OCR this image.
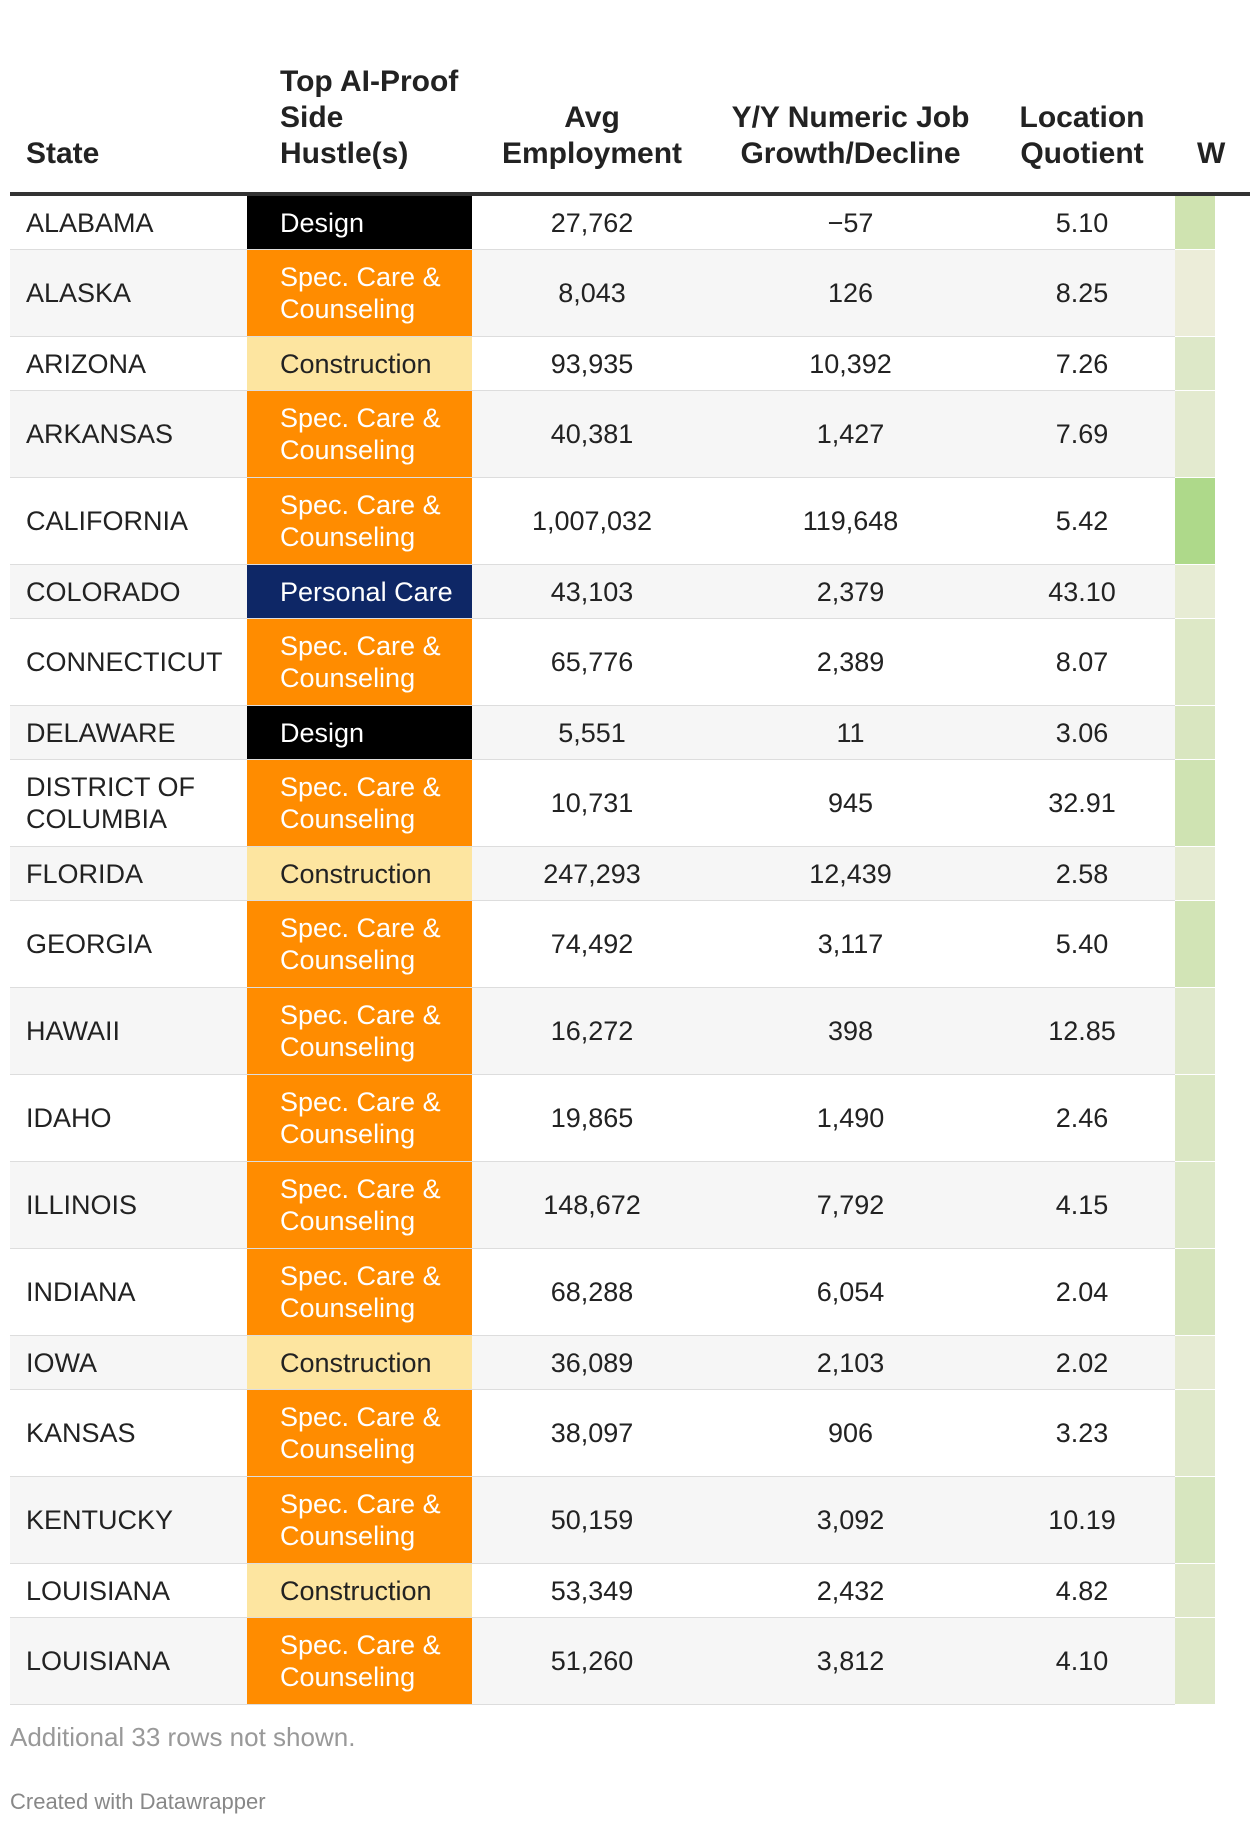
State	Top AI-Proof Side Hustle(s)	Avg Employment	Y/Y Numeric Job Growth/Decline	Location Quotient	W
ALABAMA	Design	27,762	−57	5.10	

ALASKA	Spec. Care & Counseling	8,043	126	8.25	

ARIZONA	Construction	93,935	10,392	7.26	

ARKANSAS	Spec. Care & Counseling	40,381	1,427	7.69	

CALIFORNIA	Spec. Care & Counseling	1,007,032	119,648	5.42	

COLORADO	Personal Care	43,103	2,379	43.10	

CONNECTICUT	Spec. Care & Counseling	65,776	2,389	8.07	

DELAWARE	Design	5,551	11	3.06	

DISTRICT OF COLUMBIA	Spec. Care & Counseling	10,731	945	32.91	

FLORIDA	Construction	247,293	12,439	2.58	

GEORGIA	Spec. Care & Counseling	74,492	3,117	5.40	

HAWAII	Spec. Care & Counseling	16,272	398	12.85	

IDAHO	Spec. Care & Counseling	19,865	1,490	2.46	

ILLINOIS	Spec. Care & Counseling	148,672	7,792	4.15	

INDIANA	Spec. Care & Counseling	68,288	6,054	2.04	

IOWA	Construction	36,089	2,103	2.02	

KANSAS	Spec. Care & Counseling	38,097	906	3.23	

KENTUCKY	Spec. Care & Counseling	50,159	3,092	10.19	

LOUISIANA	Construction	53,349	2,432	4.82	

LOUISIANA	Spec. Care & Counseling	51,260	3,812	4.10	
Additional 33 rows not shown.
Created with Datawrapper
